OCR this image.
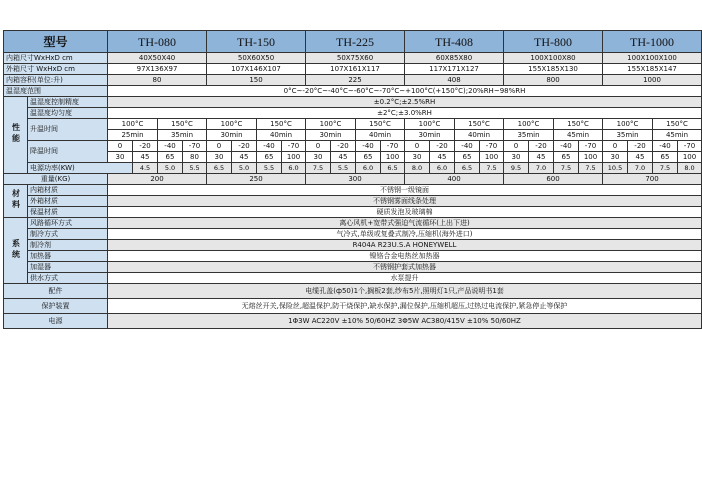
型号		TH-080				TH-150				TH-225				TH-408				TH-800				TH-1000				
内箱尺寸WxHxD cm		40X50X40				50X60X50				50X75X60				60X85X80				100X100X80				100X100X100				
外箱尺寸 WxHxD cm		97X136X97				107X146X107				107X161X117				117X171X127				155X185X130				155X185X147				
内箱容积(单位:升)		80				150				225				408				800				1000				
温湿度范围		0°C~-20°C~-40°C~-60°C~-70°C~+100°C(+150°C);20%RH~98%RH																								
性能	温湿度控制精度	±0.2°C;±2.5%RH																								
	温湿度均匀度	±2°C;±3.0%RH																								
	升温时间	100°C		150°C		100°C		150°C		100°C		150°C		100°C		150°C		100°C		150°C		100°C		150°C		
		25min		35min		30min		40min		30min		40min		30min		40min		35min		45min		35min		45min		
	降温时间	0	-20	-40	-70	0	-20	-40	-70	0	-20	-40	-70	0	-20	-40	-70	0	-20	-40	-70	0	-20	-40	-70	
		30	45	65	80	30	45	65	100	30	45	65	100	30	45	65	100	30	45	65	100	30	45	65	100	
	电源功率(KW)		4.5	5.0	5.5	6.5	5.0	5.5	6.0	7.5	5.5	6.0	6.5	8.0	6.0	6.5	7.5	9.5	7.0	7.5	7.5	10.5	7.0	7.5	8.0	
重量(KG)		200				250				300				400				600				700				
材料	内箱材质	不锈钢一级镜面																								
	外箱材质	不锈钢雾面线条处理																								
	保温材质	硬质发泡及玻璃棉																								
系统	风路循环方式	离心风机+宽带式强迫气流循环(上出下进)																								
	制冷方式	气冷式,单级或复叠式制冷,压缩机(海外进口)																								
	制冷剂	R404A R23U.S.A HONEYWELL																								
	加热器	镍铬合金电热丝加热器																								
	加湿器	不锈钢护套式加热器																								
	供水方式	水泵提升																								
配件		电缆孔盖(ф50)1个,搁板2套,纱布5片,照明灯1只,产品说明书1套																								
保护装置		无熔丝开关,保险丝,超温保护,防干烧保护,缺水保护,漏位保护,压缩机超压,过热过电流保护,紧急停止等保护																								
电源		1Φ3W AC220V ±10% 50/60HZ 3Φ5W AC380/415V ±10% 50/60HZ																								
